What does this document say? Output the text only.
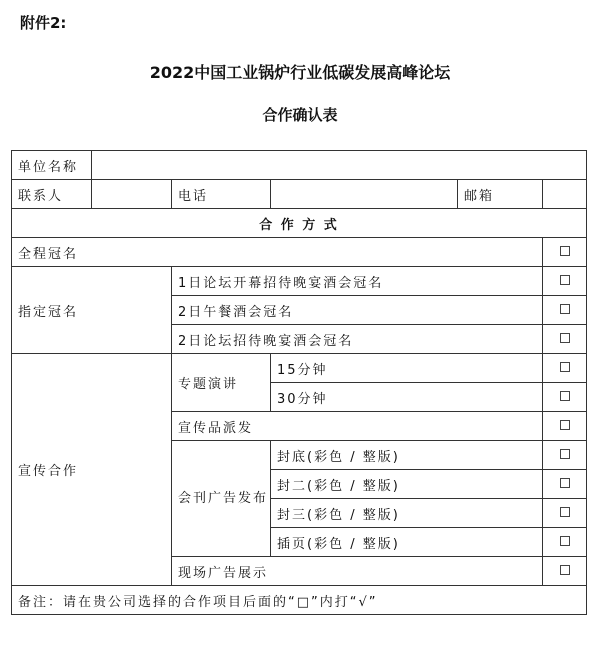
附件2:
2022中国工业锅炉行业低碳发展高峰论坛
合作确认表
单位名称					
联系人		电话		邮箱	
合 作 方 式					
全程冠名					
指定冠名		1日论坛开幕招待晚宴酒会冠名			
		2日午餐酒会冠名			
		2日论坛招待晚宴酒会冠名			
宣传合作		专题演讲	15分钟		
			30分钟		
		宣传品派发			
		会刊广告发布	封底(彩色 / 整版)		
			封二(彩色 / 整版)		
			封三(彩色 / 整版)		
			插页(彩色 / 整版)		
		现场广告展示			
备注：请在贵公司选择的合作项目后面的“□”内打“√”					
